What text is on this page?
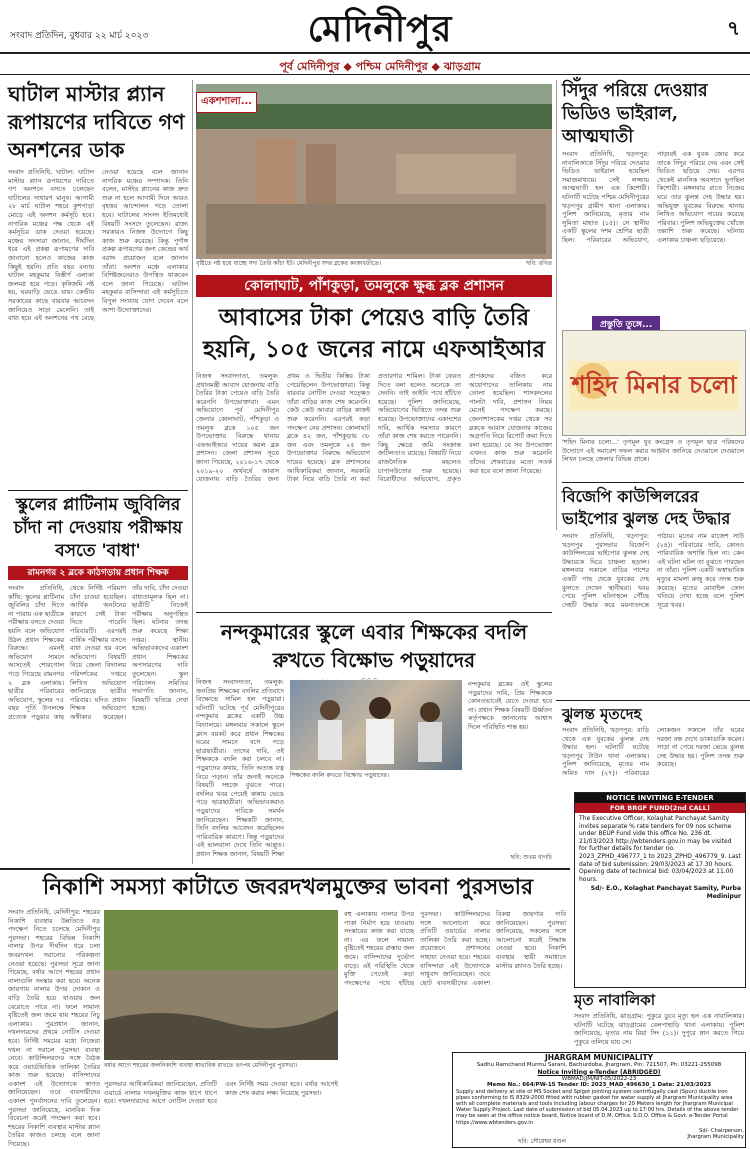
সংবাদ প্রতিদিন, বুধবার ২২ মার্চ ২০২৩	মেদিনীপুর	৭
পূর্ব মেদিনীপুর ◆ পশ্চিম মেদিনীপুর ◆ ঝাড়গ্রাম
ঘাটাল মাস্টার প্ল্যান রূপায়ণের দাবিতে গণ অনশনের ডাক
সংবাদ প্রতিনিধি, ঘাটাল: ঘাটাল মাস্টার প্ল্যান রূপায়ণের দাবিতে গণ অনশনে বসতে চলেছেন ঘাটালের সাধারণ মানুষ। আগামী ২৮ মার্চ ঘাটাল শহরে কুশপাড়া মোড়ে এই অনশন কর্মসূচি হবে। নাগরিক মঞ্চের পক্ষ থেকে এই কর্মসূচির ডাক দেওয়া হয়েছে। মঞ্চের সদস্যরা জানান, দীর্ঘদিন ধরে এই প্রকল্প রূপায়ণের দাবি জানানো হলেও কাজের কাজ কিছুই হয়নি। প্রতি বছর বন্যায় ঘাটাল মহকুমার বিস্তীর্ণ এলাকা জলমগ্ন হয়ে পড়ে। কৃষিজমি নষ্ট হয়, ঘরবাড়ি ভেঙে যায়। কেন্দ্রীয় সরকারের কাছে বারবার আবেদন জানিয়েও সাড়া মেলেনি। তাই বাধ্য হয়ে এই অনশনের পথ বেছে নেওয়া হয়েছে বলে জানান নাগরিক মঞ্চের সম্পাদক। তিনি বলেন, মাস্টার প্ল্যানের কাজ দ্রুত শুরু না হলে আগামী দিনে আরও বৃহত্তর আন্দোলন গড়ে তোলা হবে। ঘাটালের সাংসদ ইতিমধ্যেই বিষয়টি সংসদে তুলেছেন। রাজ্য সরকারও নিজস্ব উদ্যোগে কিছু কাজ শুরু করেছে। কিন্তু পূর্ণাঙ্গ প্রকল্প রূপায়ণের জন্য কেন্দ্রের অর্থ বরাদ্দ প্রয়োজন বলে জানান তাঁরা। অনশন মঞ্চে এলাকার বিশিষ্টজনেরাও উপস্থিত থাকবেন বলে জানা গিয়েছে। ঘাটাল মহকুমার বাসিন্দারা এই কর্মসূচিতে বিপুল সংখ্যায় যোগ দেবেন বলে আশা উদ্যোক্তাদের।
স্কুলের প্লাটিনাম জুবিলির চাঁদা না দেওয়ায় পরীক্ষায় বসতে 'বাধা'
রামনগর ২ ব্লকে কাঠগড়ায় প্রধান শিক্ষক
সংবাদ প্রতিনিধি, কাঁথি: স্কুলের প্লাটিনাম জুবিলির চাঁদা দিতে না পারায় এক ছাত্রীকে পরীক্ষায় বসতে দেওয়া হয়নি বলে অভিযোগ উঠল প্রধান শিক্ষকের বিরুদ্ধে। এমনই অভিযোগ সামনে আসতেই শোরগোল পড়ে গিয়েছে রামনগর ২ ব্লক এলাকায়। ছাত্রীর পরিবারের অভিযোগ, স্কুলের ৭৫ বছর পূর্তি উপলক্ষে প্রত্যেক পড়ুয়ার কাছ থেকে নির্দিষ্ট পরিমাণ চাঁদা চাওয়া হয়েছিল। আর্থিক অনটনের কারণে সেই টাকা দিতে পারেনি পরিবারটি। এরপরই বার্ষিক পরীক্ষায় বসতে বাধা দেওয়া হয় বলে অভিযোগ। বিষয়টি নিয়ে জেলা বিদ্যালয় পরিদর্শকের দপ্তরে লিখিত অভিযোগ জানিয়েছে ছাত্রীর পরিবার। যদিও প্রধান শিক্ষক অভিযোগ অস্বীকার করেছেন। তাঁর দাবি, চাঁদা দেওয়া বাধ্যতামূলক ছিল না। ছাত্রীটি নিজেই পরীক্ষায় অনুপস্থিত ছিল। ঘটনার তদন্ত শুরু করেছে শিক্ষা দপ্তর। স্থানীয় অভিভাবকদের একাংশ প্রধান শিক্ষকের অপসারণের দাবি তুলেছেন। স্কুল পরিচালন সমিতির সভাপতি জানান, বিষয়টি খতিয়ে দেখা হচ্ছে।
একশশালা...
বৃষ্টিতে নষ্ট হয়ে যাচ্ছে সদ্য তৈরি কাঁচা ইট। মেদিনীপুর সদর ব্লকের কংকাবতীতে।	ছবি: রণিত
কোলাঘাট, পাঁশকুড়া, তমলুকে ক্ষুব্ধ ব্লক প্রশাসন
আবাসের টাকা পেয়েও বাড়ি তৈরি হয়নি, ১০৫ জনের নামে এফআইআর
নিজস্ব সংবাদদাতা, তমলুক: প্রধানমন্ত্রী আবাস যোজনায় বাড়ি তৈরির টাকা পেয়েও বাড়ি তৈরি করেননি উপভোক্তারা। এমন অভিযোগে পূর্ব মেদিনীপুর জেলার কোলাঘাট, পাঁশকুড়া ও তমলুক ব্লকে ১০৫ জন উপভোক্তার বিরুদ্ধে থানায় এফআইআর দায়ের করল ব্লক প্রশাসন। জেলা প্রশাসন সূত্রে জানা গিয়েছে, ২০১৬-১৭ থেকে ২০১৯-২০ অর্থবর্ষে আবাস যোজনায় বাড়ি তৈরির জন্য প্রথম ও দ্বিতীয় কিস্তির টাকা পেয়েছিলেন উপভোক্তারা। কিন্তু বারবার নোটিস দেওয়া সত্ত্বেও তাঁরা বাড়ির কাজ শেষ করেননি। কেউ কেউ আবার বাড়ির কাজই শুরু করেননি। এরপরই কড়া পদক্ষেপ নেয় প্রশাসন। কোলাঘাট ব্লকে ৪২ জন, পাঁশকুড়ায় ৩৮ জন এবং তমলুকে ২৫ জন উপভোক্তার বিরুদ্ধে অভিযোগ দায়ের হয়েছে। ব্লক প্রশাসনের আধিকারিকরা জানান, সরকারি টাকা নিয়ে বাড়ি তৈরি না করা প্রতারণার শামিল। টাকা ফেরত দিতে বলা হলেও অনেকে তা দেননি। তাই আইনি পথে হাঁটতে হয়েছে। পুলিশ জানিয়েছে, অভিযোগের ভিত্তিতে তদন্ত শুরু হয়েছে। উপভোক্তাদের একাংশের দাবি, আর্থিক সমস্যার কারণে তাঁরা কাজ শেষ করতে পারেননি। কিছু ক্ষেত্রে জমি সংক্রান্ত জটিলতাও রয়েছে। বিষয়টি নিয়ে রাজনৈতিক মহলেও চাপানউতোর শুরু হয়েছে। বিরোধীদের অভিযোগ, প্রকৃত প্রাপকদের বঞ্চিত করে অযোগ্যদের তালিকায় নাম তোলা হয়েছিল। শাসকদলের পালটা দাবি, প্রশাসন নিয়ম মেনেই পদক্ষেপ করছে। জেলাশাসকের দপ্তর থেকে সব ব্লককে আবাস যোজনার কাজের অগ্রগতি নিয়ে রিপোর্ট জমা দিতে বলা হয়েছে। যে সব উপভোক্তা এখনও কাজ শুরু করেননি তাঁদের শেষবারের মতো সতর্ক করা হবে বলে জানা গিয়েছে।
সিঁদুর পরিয়ে দেওয়ার ভিডিও ভাইরাল, আত্মঘাতী
সংবাদ প্রতিনিধি, খড়গপুর: নাবালিকাকে সিঁদুর পরিয়ে দেওয়ার ভিডিও ভাইরাল হয়েছিল সমাজমাধ্যমে। সেই লজ্জায় আত্মঘাতী হল এক কিশোরী। ঘটনাটি ঘটেছে পশ্চিম মেদিনীপুরের খড়গপুর গ্রামীণ থানা এলাকায়। পুলিশ জানিয়েছে, মৃতার নাম সুমিতা মাহাত (১৫)। সে স্থানীয় একটি স্কুলের দশম শ্রেণির ছাত্রী ছিল। পরিবারের অভিযোগ, পাড়ারই এক যুবক জোর করে তাকে সিঁদুর পরিয়ে দেয় এবং সেই ভিডিও ছড়িয়ে দেয়। এরপর থেকেই মানসিক অবসাদে ভুগছিল কিশোরী। মঙ্গলবার রাতে নিজের ঘরে তার ঝুলন্ত দেহ উদ্ধার হয়। অভিযুক্ত যুবকের বিরুদ্ধে থানায় লিখিত অভিযোগ দায়ের করেছে পরিবার। পুলিশ অভিযুক্তের খোঁজে তল্লাশি শুরু করেছে। ঘটনায় এলাকায় চাঞ্চল্য ছড়িয়েছে।
প্রস্তুতি তুঙ্গে...
শহিদ মিনার চলো
'শহিদ মিনার চলো...' তৃণমূল যুব কংগ্রেস ও তৃণমূল ছাত্র পরিষদের উদ্যোগে এই সমাবেশ সফল করার আহ্বান জানিয়ে দেওয়ালে দেওয়ালে লিখন চলছে জেলার বিভিন্ন প্রান্তে।
বিজেপি কাউন্সিলরের ভাইপোর ঝুলন্ত দেহ উদ্ধার
সংবাদ প্রতিনিধি, খড়গপুর: খড়গপুর পুরসভার বিজেপি কাউন্সিলরের ভাইপোর ঝুলন্ত দেহ উদ্ধারকে ঘিরে চাঞ্চল্য ছড়াল। মঙ্গলবার সকালে বাড়ির পাশের একটি গাছ থেকে যুবকের দেহ ঝুলতে দেখেন স্থানীয়রা। খবর পেয়ে পুলিশ ঘটনাস্থলে পৌঁছে দেহটি উদ্ধার করে ময়নাতদন্তে পাঠায়। মৃতের নাম রাজেশ সাউ (২৪)। পরিবারের দাবি, কোনও পারিবারিক অশান্তি ছিল না। কেন এই ঘটনা ঘটল তা বুঝতে পারছেন না তাঁরা। পুলিশ একটি অস্বাভাবিক মৃত্যুর মামলা রুজু করে তদন্ত শুরু করেছে। মৃতের মোবাইল ফোন খতিয়ে দেখা হচ্ছে বলে পুলিশ সূত্রে খবর।
ঝুলন্ত মৃতদেহ
সংবাদ প্রতিনিধি, খড়গপুর: বাড়ি থেকে এক যুবকের ঝুলন্ত দেহ উদ্ধার হল। ঘটনাটি ঘটেছে খড়গপুর টাউন থানা এলাকায়। পুলিশ জানিয়েছে, মৃতের নাম অমিত দাস (২৭)। পরিবারের লোকজন সকালে তাঁর ঘরের দরজা বন্ধ দেখে ডাকাডাকি করেন। সাড়া না পেয়ে দরজা ভেঙে ঝুলন্ত দেহ উদ্ধার হয়। পুলিশ তদন্ত শুরু করেছে।
নন্দকুমারের স্কুলে এবার শিক্ষকের বদলি রুখতে বিক্ষোভ পড়ুয়াদের
নিজস্ব সংবাদদাতা, তমলুক: জনপ্রিয় শিক্ষকের বদলির প্রতিবাদে বিক্ষোভে সামিল হল পড়ুয়ারা। ঘটনাটি ঘটেছে পূর্ব মেদিনীপুরের নন্দকুমার ব্লকের একটি উচ্চ বিদ্যালয়ে। মঙ্গলবার সকালে স্কুলে ক্লাস বয়কট করে প্রধান শিক্ষকের ঘরের সামনে বসে পড়ে ছাত্রছাত্রীরা। তাদের দাবি, ওই শিক্ষককে বদলি করা চলবে না। পড়ুয়াদের কথায়, তিনি অত্যন্ত যত্ন নিয়ে পড়ান। তাঁর জন্যই অনেকে বিষয়টি সহজে বুঝতে পারে। বদলির খবর পেয়েই কান্নায় ভেঙে পড়ে ছাত্রছাত্রীরা। অভিভাবকরাও পড়ুয়াদের দাবিকে সমর্থন জানিয়েছেন। শিক্ষকটি জানান, তিনি বদলির আবেদন করেছিলেন পারিবারিক কারণে। কিন্তু পড়ুয়াদের এই ভালবাসা দেখে তিনি আপ্লুত। প্রধান শিক্ষক জানান, বিষয়টি শিক্ষা
শিক্ষকের বদলি রুখতে বিক্ষোভ পড়ুয়াদের।
নন্দকুমার ব্লকের ওই স্কুলের পড়ুয়াদের দাবি, প্রিয় শিক্ষককে কোনওভাবেই যেতে দেওয়া হবে না। প্রধান শিক্ষক বিষয়টি ঊর্ধ্বতন কর্তৃপক্ষকে জানানোর আশ্বাস দিলে পরিস্থিতি শান্ত হয়।
ছবি: শুভম বাগচি
নিকাশি সমস্যা কাটাতে জবরদখলমুক্তের ভাবনা পুরসভার
সংবাদ প্রতিনিধি, মেদিনীপুর: শহরের নিকাশি ব্যবস্থার উন্নতিতে বড় পদক্ষেপ নিতে চলেছে মেদিনীপুর পুরসভা। শহরের বিভিন্ন নিকাশি নালার উপর দীর্ঘদিন ধরে চলা জবরদখল সরানোর পরিকল্পনা নেওয়া হয়েছে। পুরসভা সূত্রে জানা গিয়েছে, বর্ষার আগে শহরের প্রধান নালাগুলি সংস্কার করা হবে। অনেক জায়গায় নালার উপর দোকান ও বাড়ি তৈরি হয়ে যাওয়ায় জল বেরোতে পারে না। ফলে সামান্য বৃষ্টিতেই জল জমে যায় শহরের নিচু এলাকায়। পুরপ্রধান জানান, দখলদারদের প্রথমে নোটিস দেওয়া হবে। নির্দিষ্ট সময়ের মধ্যে নিজেরা দখল না সরালে পুরসভা ব্যবস্থা নেবে। কাউন্সিলরদের সঙ্গে বৈঠক করে ওয়ার্ডভিত্তিক তালিকা তৈরির কাজ শুরু হয়েছে। বাসিন্দাদের একাংশ এই উদ্যোগকে স্বাগত জানিয়েছেন। তবে ব্যবসায়ীদের একাংশ পুনর্বাসনের দাবি তুলেছেন। পুরসভা জানিয়েছে, মানবিক দিক বিবেচনা করেই পদক্ষেপ করা হবে। শহরের নিকাশি ব্যবস্থার মাস্টার প্ল্যান তৈরির কাজও চলছে বলে জানা গিয়েছে।
বর্ষার আগে শহরের জলনিকাশি ব্যবস্থা স্বাভাবিক রাখতে তৎপর মেদিনীপুর পুরসভা।
পুরসভার আধিকারিকরা জানিয়েছেন, প্রতিটি ওয়ার্ডে নালার দখলমুক্তির কাজ ধাপে ধাপে হবে। দখলদারদের আগে নোটিস দেওয়া হবে এবং নির্দিষ্ট সময় দেওয়া হবে। বর্ষার আগেই কাজ শেষ করার লক্ষ্য নিয়েছে পুরসভা।
বহু এলাকায় নালার উপর পাকা নির্মাণ হয়ে যাওয়ায় সংস্কারের কাজ করা যাচ্ছে না। এর ফলে সামান্য বৃষ্টিতেই শহরের রাস্তায় জল জমে। বাসিন্দাদের দুর্ভোগ বাড়ে। এই পরিস্থিতি থেকে মুক্তি পেতেই কড়া পদক্ষেপের পথে হাঁটছে পুরসভা। কাউন্সিলরদের সঙ্গে আলোচনা করে প্রতিটি ওয়ার্ডের নালার তালিকা তৈরি করা হচ্ছে। প্রয়োজনে প্রশাসনের সাহায্য নেওয়া হবে। শহরের বাসিন্দারা এই উদ্যোগকে সাধুবাদ জানিয়েছেন। তবে ছোট ব্যবসায়ীদের একাংশ বিকল্প জায়গার দাবি জানিয়েছেন। পুরসভা জানিয়েছে, সকলের সঙ্গে আলোচনা করেই সিদ্ধান্ত নেওয়া হবে। নিকাশি ব্যবস্থার স্থায়ী সমাধানে মাস্টার প্ল্যানও তৈরি হচ্ছে।
ছবি: সৌমেশ্বর মণ্ডল
NOTICE INVITING E-TENDER
FOR BRGF FUND(2nd CALL)
The Executive Officer, Kolaghat Panchayat Samity invites separate % rate tenders for 09 nos scheme under BEUP Fund vide this office No. 236 dt. 21/03/2023 http://wbtenders.gov.in may be visited for further details for tender no. 2023_ZPHD_496777_1 to 2023_ZPHD_496779_9. Last date of bid submission: 29/03/2023 at 17.30 hours. Opening date of technical bid: 03/04/2023 at 11.00 hours.
Sd/- E.O., Kolaghat Panchayat Samity, Purba Medinipur
মৃত নাবালিকা
সংবাদ প্রতিনিধি, ঝাড়গ্রাম: পুকুরে ডুবে মৃত্যু হল এক নাবালিকার। ঘটনাটি ঘটেছে ঝাড়গ্রামের বেলপাহাড়ি থানা এলাকায়। পুলিশ জানিয়েছে, মৃতার নাম রিয়া সিং (১১)। দুপুরে স্নান করতে গিয়ে পুকুরে তলিয়ে যায় সে।
JHARGRAM MUNICIPALITY
Sadhu Ramchand Murmu Sarani, Bachurdoba, Jhargram, Pin: 721507, Ph: 03221-255098
Notice Inviting e-Tender (ABRIDGED)
WBMAD/JM/NIT-05/2022-23
Memo No.: 664/PW-15 Tender ID: 2023_MAD_496630_1 Date: 21/03/2023
Supply and delivery at site of MS Socket and Spigot jointing system centrifugally cast (Spun) ductile iron pipes conforming to IS 8329-2000 fitted with rubber gasket for water supply at Jhargram Municipality area with all complete materials and tools including labour charges for 20 Meters length for Jhargram Municipal Water Supply Project. Last date of submission of bid 05.04.2023 up to 17:00 hrs. Details of the above tender may be seen at the office notice board, Notice board of D.M. Office, S.D.O. Office & Govt. e-Tender Portal https://www.wbtenders.gov.in
Sd/- Chairperson, Jhargram Municipality
